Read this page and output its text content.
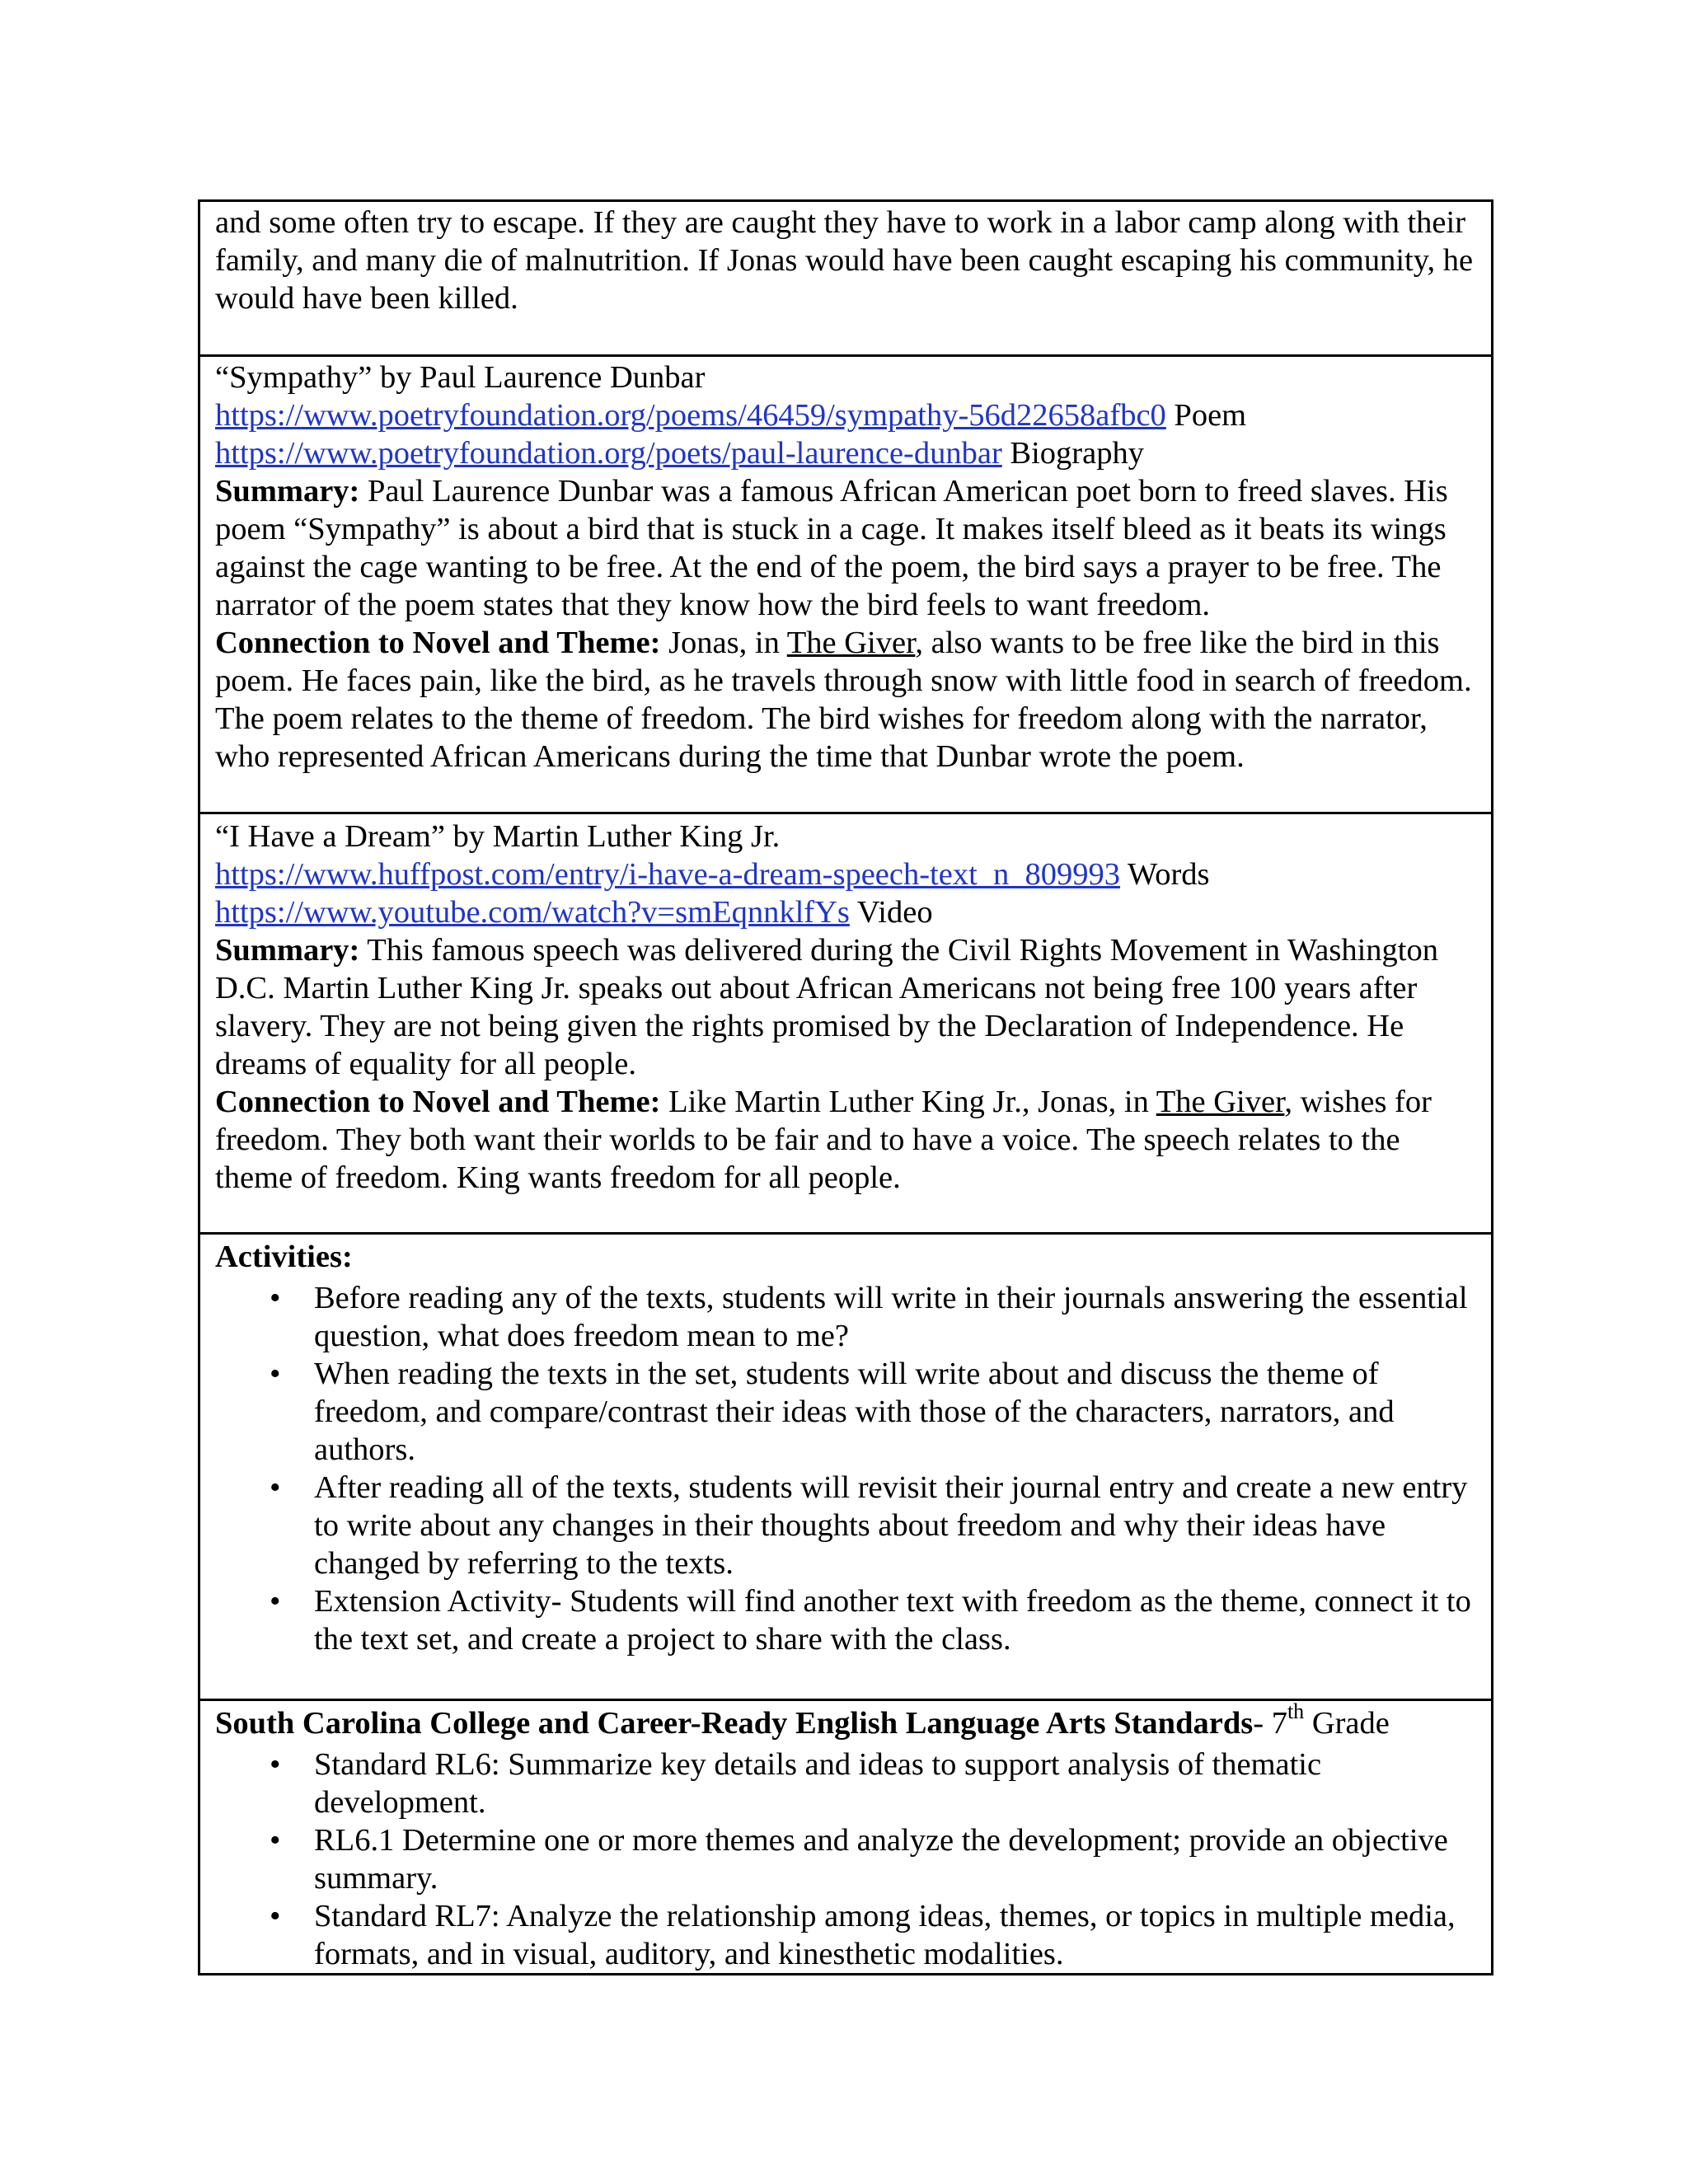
and some often try to escape. If they are caught they have to work in a labor camp along with their family, and many die of malnutrition. If Jonas would have been caught escaping his community, he would have been killed.

“Sympathy” by Paul Laurence Dunbar

https://www.poetryfoundation.org/poems/46459/sympathy-56d22658afbc0 Poem

https://www.poetryfoundation.org/poets/paul-laurence-dunbar Biography

Summary: Paul Laurence Dunbar was a famous African American poet born to freed slaves. His poem “Sympathy” is about a bird that is stuck in a cage. It makes itself bleed as it beats its wings against the cage wanting to be free. At the end of the poem, the bird says a prayer to be free. The narrator of the poem states that they know how the bird feels to want freedom.

Connection to Novel and Theme: Jonas, in The Giver, also wants to be free like the bird in this poem. He faces pain, like the bird, as he travels through snow with little food in search of freedom. The poem relates to the theme of freedom. The bird wishes for freedom along with the narrator, who represented African Americans during the time that Dunbar wrote the poem.

“I Have a Dream” by Martin Luther King Jr.

https://www.huffpost.com/entry/i-have-a-dream-speech-text_n_809993 Words

https://www.youtube.com/watch?v=smEqnnklfYs Video

Summary: This famous speech was delivered during the Civil Rights Movement in Washington D.C. Martin Luther King Jr. speaks out about African Americans not being free 100 years after slavery. They are not being given the rights promised by the Declaration of Independence. He dreams of equality for all people.

Connection to Novel and Theme: Like Martin Luther King Jr., Jonas, in The Giver, wishes for freedom. They both want their worlds to be fair and to have a voice. The speech relates to the theme of freedom. King wants freedom for all people.

Activities:

• Before reading any of the texts, students will write in their journals answering the essential question, what does freedom mean to me?
• When reading the texts in the set, students will write about and discuss the theme of freedom, and compare/contrast their ideas with those of the characters, narrators, and authors.
• After reading all of the texts, students will revisit their journal entry and create a new entry to write about any changes in their thoughts about freedom and why their ideas have changed by referring to the texts.
• Extension Activity- Students will find another text with freedom as the theme, connect it to the text set, and create a project to share with the class.

South Carolina College and Career-Ready English Language Arts Standards- 7th Grade

• Standard RL6: Summarize key details and ideas to support analysis of thematic development.
• RL6.1 Determine one or more themes and analyze the development; provide an objective summary.
• Standard RL7: Analyze the relationship among ideas, themes, or topics in multiple media, formats, and in visual, auditory, and kinesthetic modalities.
